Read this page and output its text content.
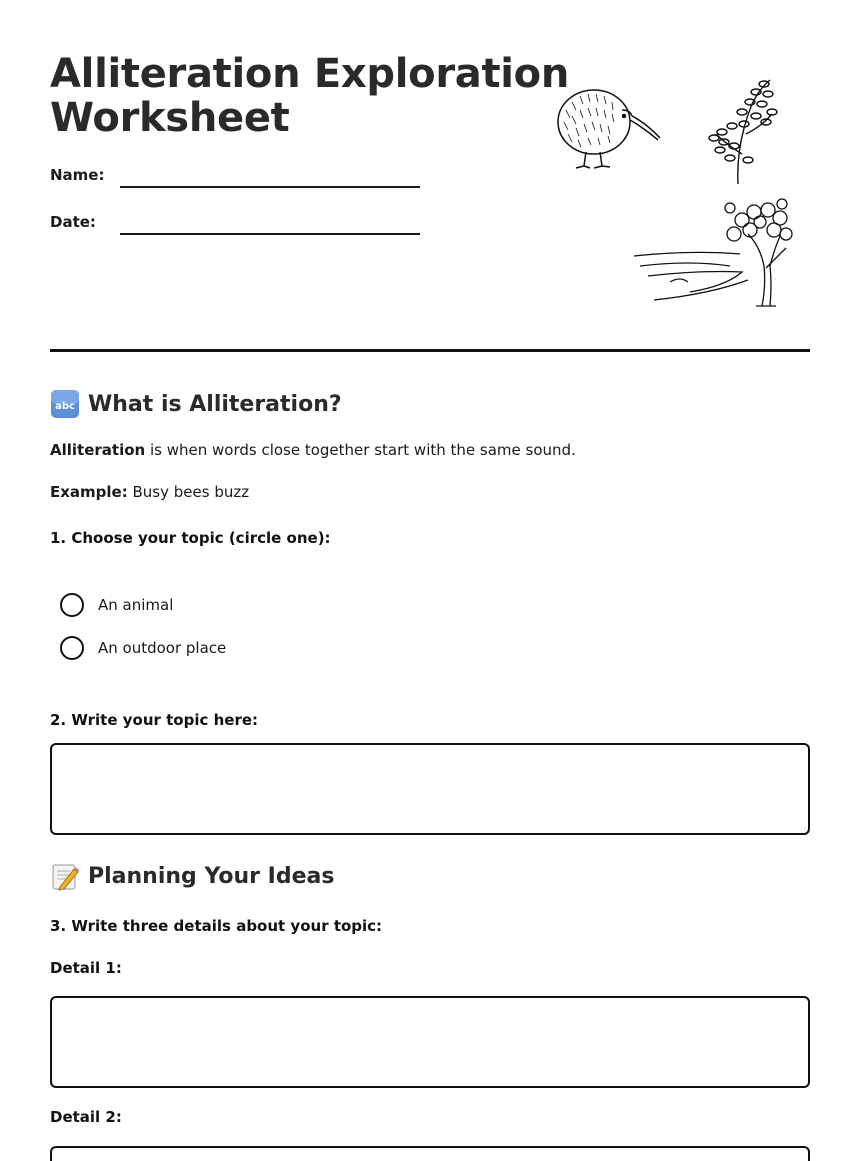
Alliteration Exploration
Worksheet
Name:
Date:
abc What is Alliteration?
Alliteration is when words close together start with the same sound.
Example: Busy bees buzz
1. Choose your topic (circle one):
An animal
An outdoor place
2. Write your topic here:
Planning Your Ideas
3. Write three details about your topic:
Detail 1:
Detail 2:
